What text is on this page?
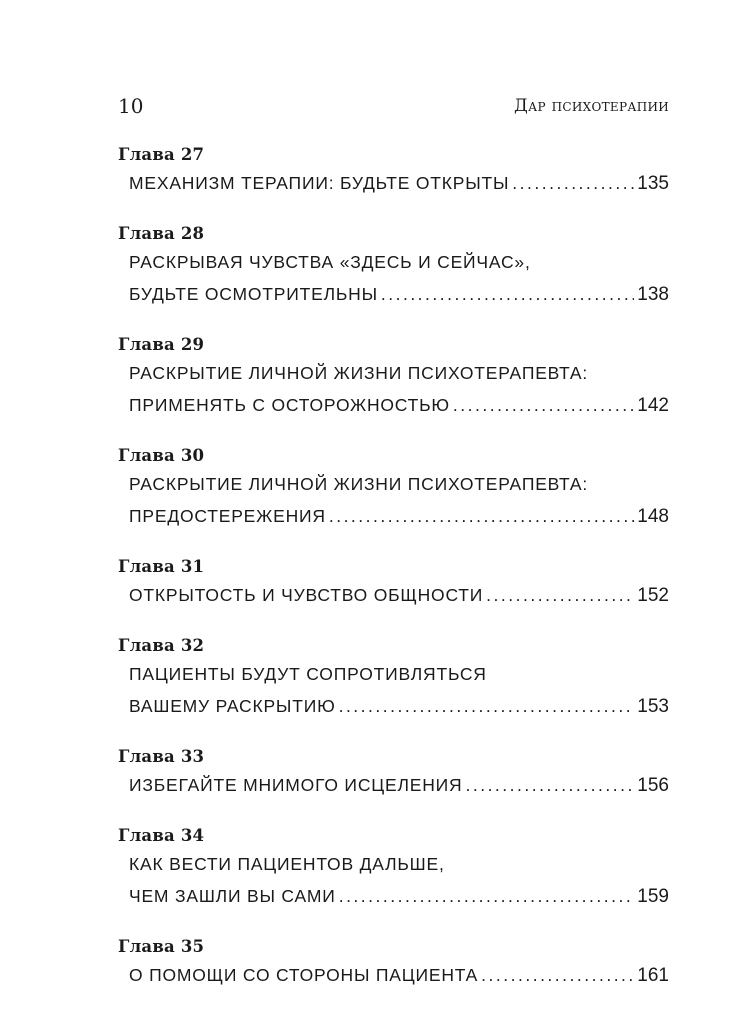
10	Дар психотерапии
Глава 27
МЕХАНИЗМ ТЕРАПИИ: БУДЬТЕ ОТКРЫТЫ .....	135
Глава 28
РАСКРЫВАЯ ЧУВСТВА «ЗДЕСЬ И СЕЙЧАС»,
БУДЬТЕ ОСМОТРИТЕЛЬНЫ .....	138
Глава 29
РАСКРЫТИЕ ЛИЧНОЙ ЖИЗНИ ПСИХОТЕРАПЕВТА:
ПРИМЕНЯТЬ С ОСТОРОЖНОСТЬЮ .....	142
Глава 30
РАСКРЫТИЕ ЛИЧНОЙ ЖИЗНИ ПСИХОТЕРАПЕВТА:
ПРЕДОСТЕРЕЖЕНИЯ .....	148
Глава 31
ОТКРЫТОСТЬ И ЧУВСТВО ОБЩНОСТИ .....	152
Глава 32
ПАЦИЕНТЫ БУДУТ СОПРОТИВЛЯТЬСЯ
ВАШЕМУ РАСКРЫТИЮ .....	153
Глава 33
ИЗБЕГАЙТЕ МНИМОГО ИСЦЕЛЕНИЯ .....	156
Глава 34
КАК ВЕСТИ ПАЦИЕНТОВ ДАЛЬШЕ,
ЧЕМ ЗАШЛИ ВЫ САМИ .....	159
Глава 35
О ПОМОЩИ СО СТОРОНЫ ПАЦИЕНТА .....	161
